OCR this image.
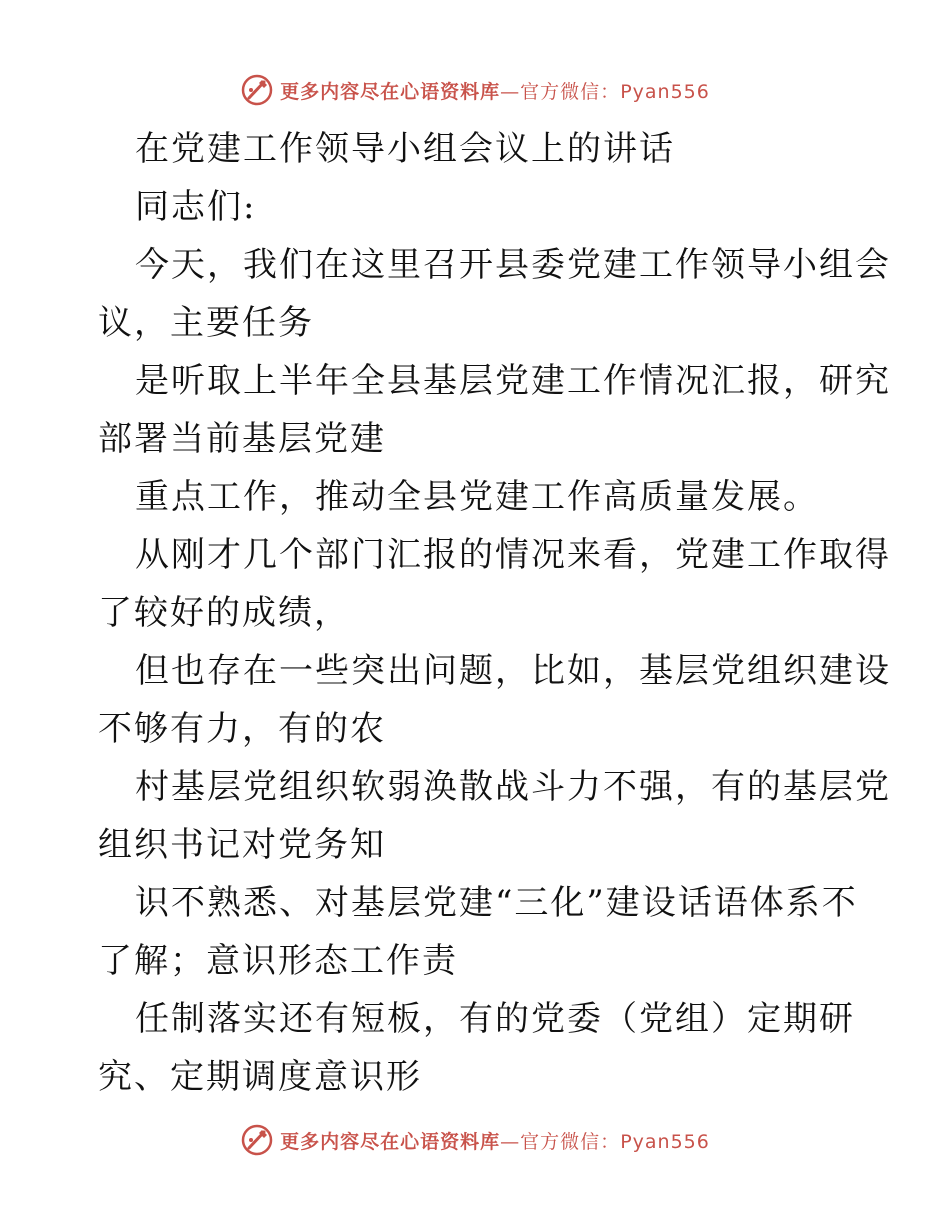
更多内容尽在心语资料库—官方微信：Pyan556
在党建工作领导小组会议上的讲话
同志们:
今天，我们在这里召开县委党建工作领导小组会
议，主要任务
是听取上半年全县基层党建工作情况汇报，研究
部署当前基层党建
重点工作，推动全县党建工作高质量发展。
从刚才几个部门汇报的情况来看，党建工作取得
了较好的成绩，
但也存在一些突出问题，比如，基层党组织建设
不够有力，有的农
村基层党组织软弱涣散战斗力不强，有的基层党
组织书记对党务知
识不熟悉、对基层党建“三化”建设话语体系不
了解；意识形态工作责
任制落实还有短板，有的党委（党组）定期研
究、定期调度意识形
更多内容尽在心语资料库—官方微信：Pyan556
